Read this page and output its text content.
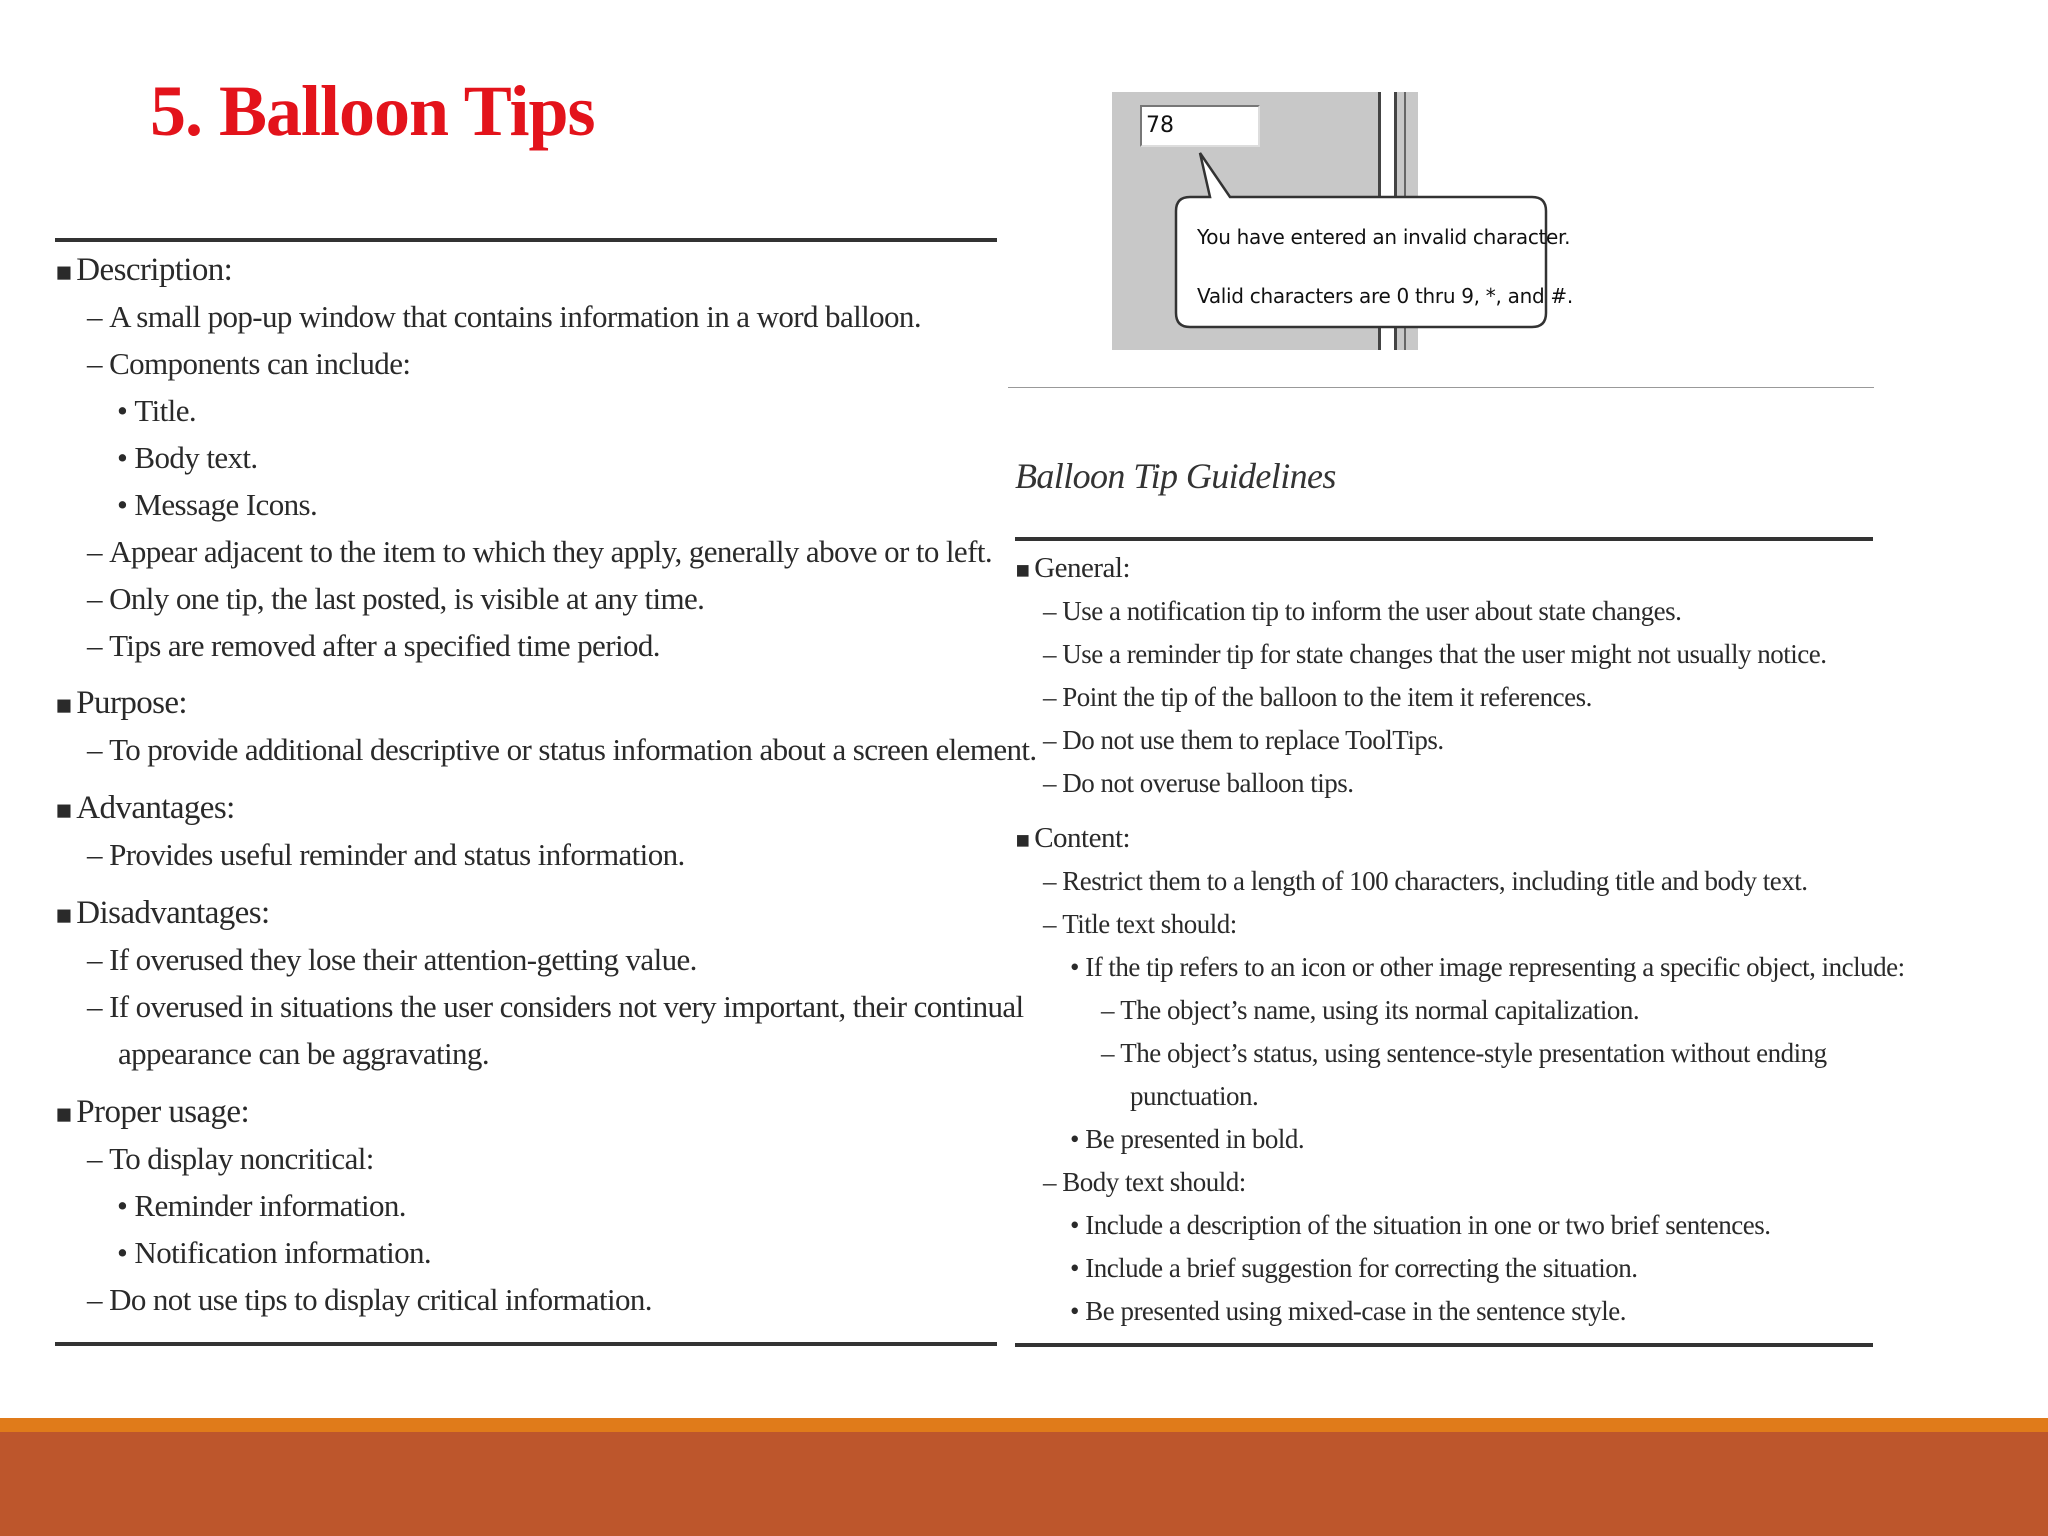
5. Balloon Tips
▪ Description:
– A small pop-up window that contains information in a word balloon.
– Components can include:
• Title.
• Body text.
• Message Icons.
– Appear adjacent to the item to which they apply, generally above or to left.
– Only one tip, the last posted, is visible at any time.
– Tips are removed after a specified time period.
▪ Purpose:
– To provide additional descriptive or status information about a screen element.
▪ Advantages:
– Provides useful reminder and status information.
▪ Disadvantages:
– If overused they lose their attention-getting value.
– If overused in situations the user considers not very important, their continual
appearance can be aggravating.
▪ Proper usage:
– To display noncritical:
• Reminder information.
• Notification information.
– Do not use tips to display critical information.
78
You have entered an invalid character.
Valid characters are 0 thru 9, *, and #.
Balloon Tip Guidelines
▪ General:
– Use a notification tip to inform the user about state changes.
– Use a reminder tip for state changes that the user might not usually notice.
– Point the tip of the balloon to the item it references.
– Do not use them to replace ToolTips.
– Do not overuse balloon tips.
▪ Content:
– Restrict them to a length of 100 characters, including title and body text.
– Title text should:
• If the tip refers to an icon or other image representing a specific object, include:
– The object’s name, using its normal capitalization.
– The object’s status, using sentence-style presentation without ending
punctuation.
• Be presented in bold.
– Body text should:
• Include a description of the situation in one or two brief sentences.
• Include a brief suggestion for correcting the situation.
• Be presented using mixed-case in the sentence style.
